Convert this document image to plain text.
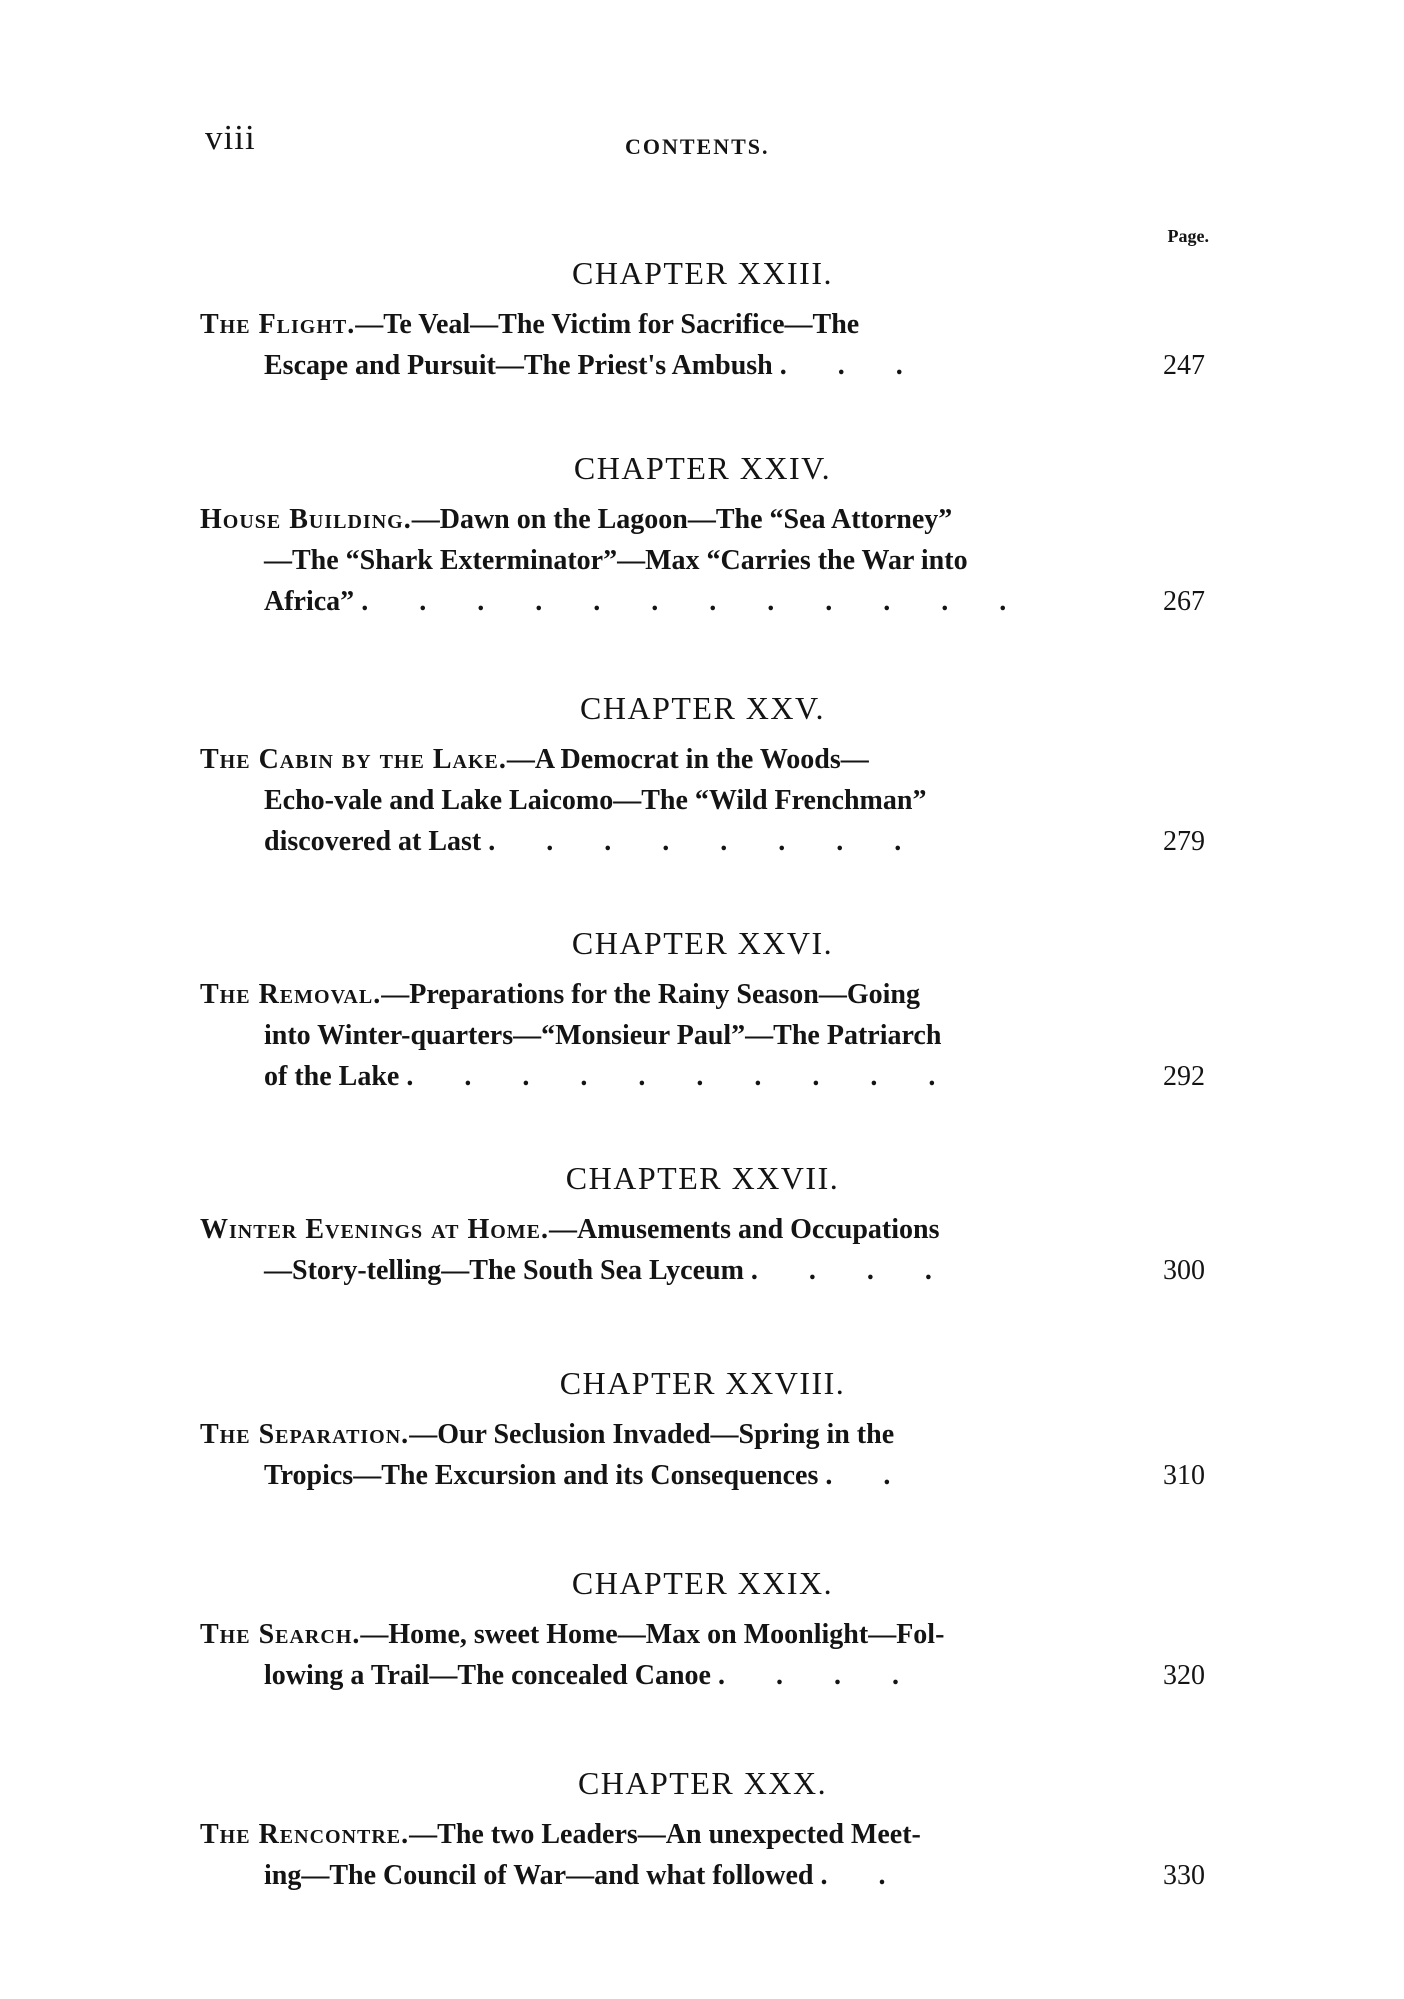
viii	CONTENTS.
Page.
CHAPTER XXIII.
The Flight.—Te Veal—The Victim for Sacrifice—The
Escape and Pursuit—The Priest's Ambush . . .	247
CHAPTER XXIV.
House Building.—Dawn on the Lagoon—The “Sea Attorney”
—The “Shark Exterminator”—Max “Carries the War into
Africa” . . . . . . . . . . . .	267
CHAPTER XXV.
The Cabin by the Lake.—A Democrat in the Woods—
Echo-vale and Lake Laicomo—The “Wild Frenchman”
discovered at Last . . . . . . . .	279
CHAPTER XXVI.
The Removal.—Preparations for the Rainy Season—Going
into Winter-quarters—“Monsieur Paul”—The Patriarch
of the Lake . . . . . . . . . .	292
CHAPTER XXVII.
Winter Evenings at Home.—Amusements and Occupations
—Story-telling—The South Sea Lyceum . . . .	300
CHAPTER XXVIII.
The Separation.—Our Seclusion Invaded—Spring in the
Tropics—The Excursion and its Consequences . .	310
CHAPTER XXIX.
The Search.—Home, sweet Home—Max on Moonlight—Fol-
lowing a Trail—The concealed Canoe . . . .	320
CHAPTER XXX.
The Rencontre.—The two Leaders—An unexpected Meet-
ing—The Council of War—and what followed . .	330
